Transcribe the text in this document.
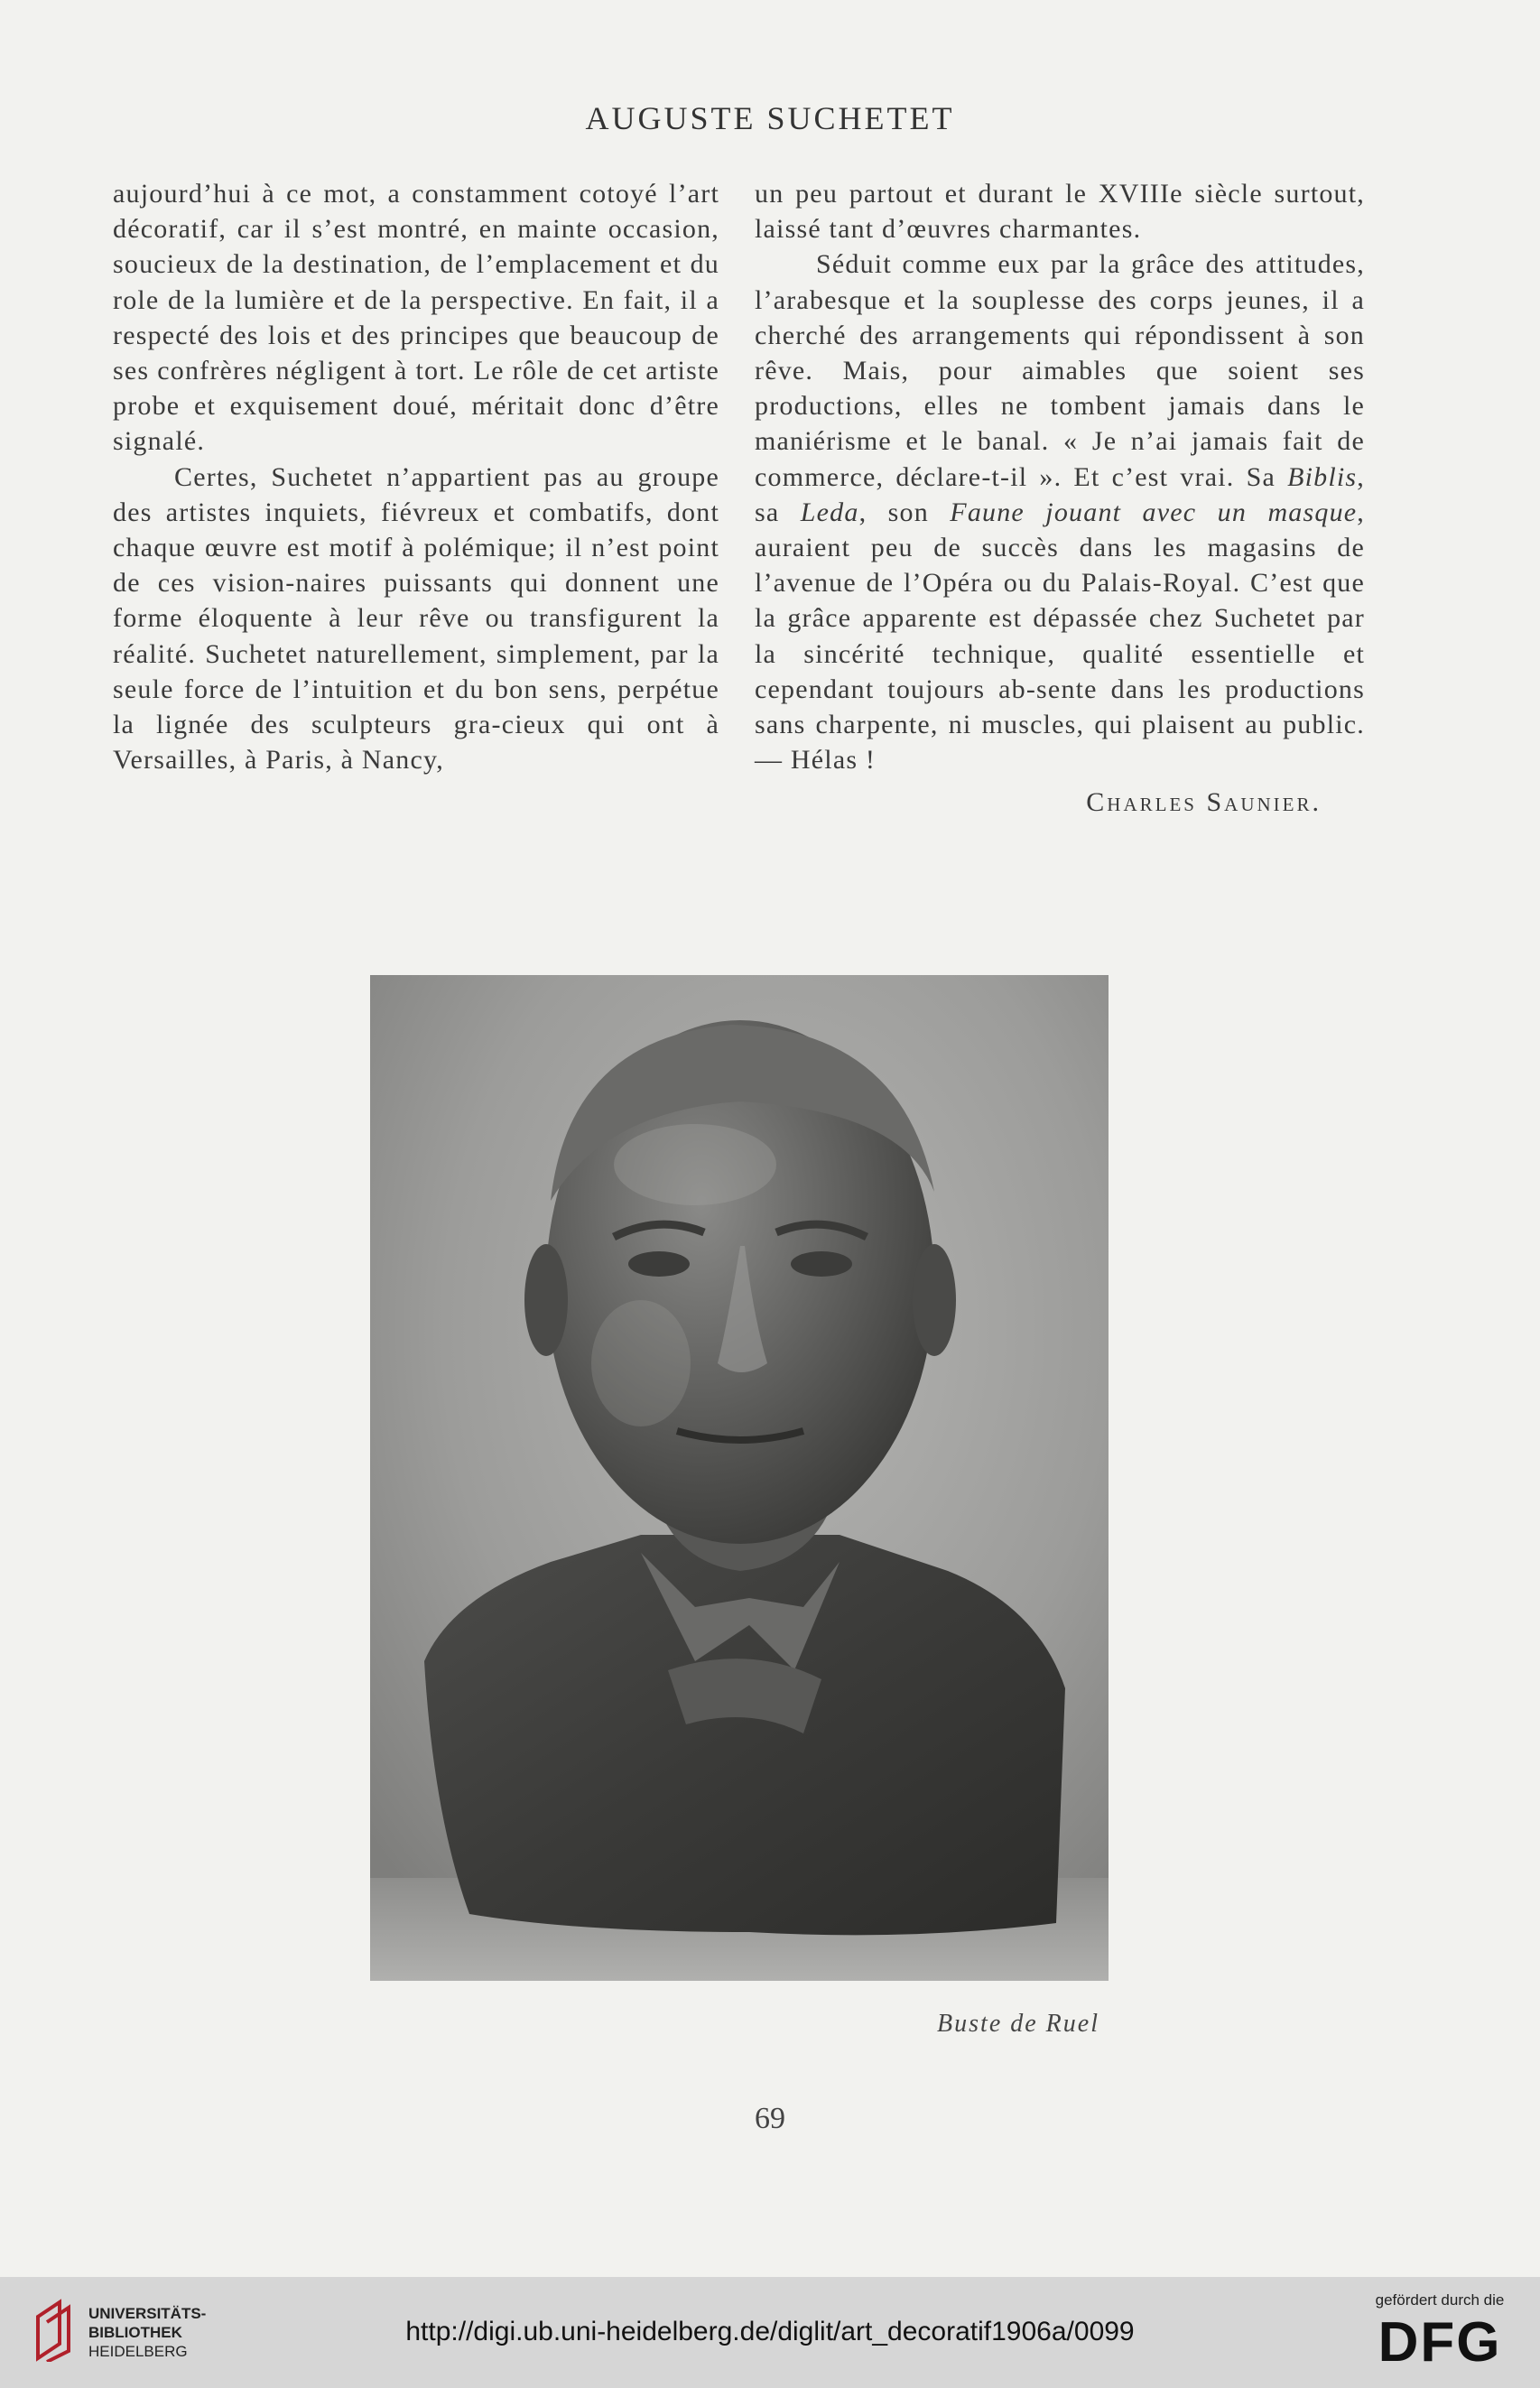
AUGUSTE SUCHETET

aujourd’hui à ce mot, a constamment cotoyé l’art décoratif, car il s’est montré, en mainte occasion, soucieux de la destination, de l’emplacement et du role de la lumière et de la perspective. En fait, il a respecté des lois et des principes que beaucoup de ses confrères négligent à tort. Le rôle de cet artiste probe et exquisement doué, méritait donc d’être signalé.

Certes, Suchetet n’appartient pas au groupe des artistes inquiets, fiévreux et combatifs, dont chaque œuvre est motif à polémique; il n’est point de ces vision-naires puissants qui donnent une forme éloquente à leur rêve ou transfigurent la réalité. Suchetet naturellement, simplement, par la seule force de l’intuition et du bon sens, perpétue la lignée des sculpteurs gra-cieux qui ont à Versailles, à Paris, à Nancy,

un peu partout et durant le XVIIIe siècle surtout, laissé tant d’œuvres charmantes.

Séduit comme eux par la grâce des attitudes, l’arabesque et la souplesse des corps jeunes, il a cherché des arrangements qui répondissent à son rêve. Mais, pour aimables que soient ses productions, elles ne tombent jamais dans le maniérisme et le banal. « Je n’ai jamais fait de commerce, déclare-t-il ». Et c’est vrai. Sa Biblis, sa Leda, son Faune jouant avec un masque, auraient peu de succès dans les magasins de l’avenue de l’Opéra ou du Palais-Royal. C’est que la grâce apparente est dépassée chez Suchetet par la sincérité technique, qualité essentielle et cependant toujours ab-sente dans les productions sans charpente, ni muscles, qui plaisent au public. — Hélas !

Charles Saunier.

Buste de Ruel
69
UNIVERSITÄTS-
BIBLIOTHEK
HEIDELBERG
http://digi.ub.uni-heidelberg.de/diglit/art_decoratif1906a/0099
gefördert durch die
DFG
